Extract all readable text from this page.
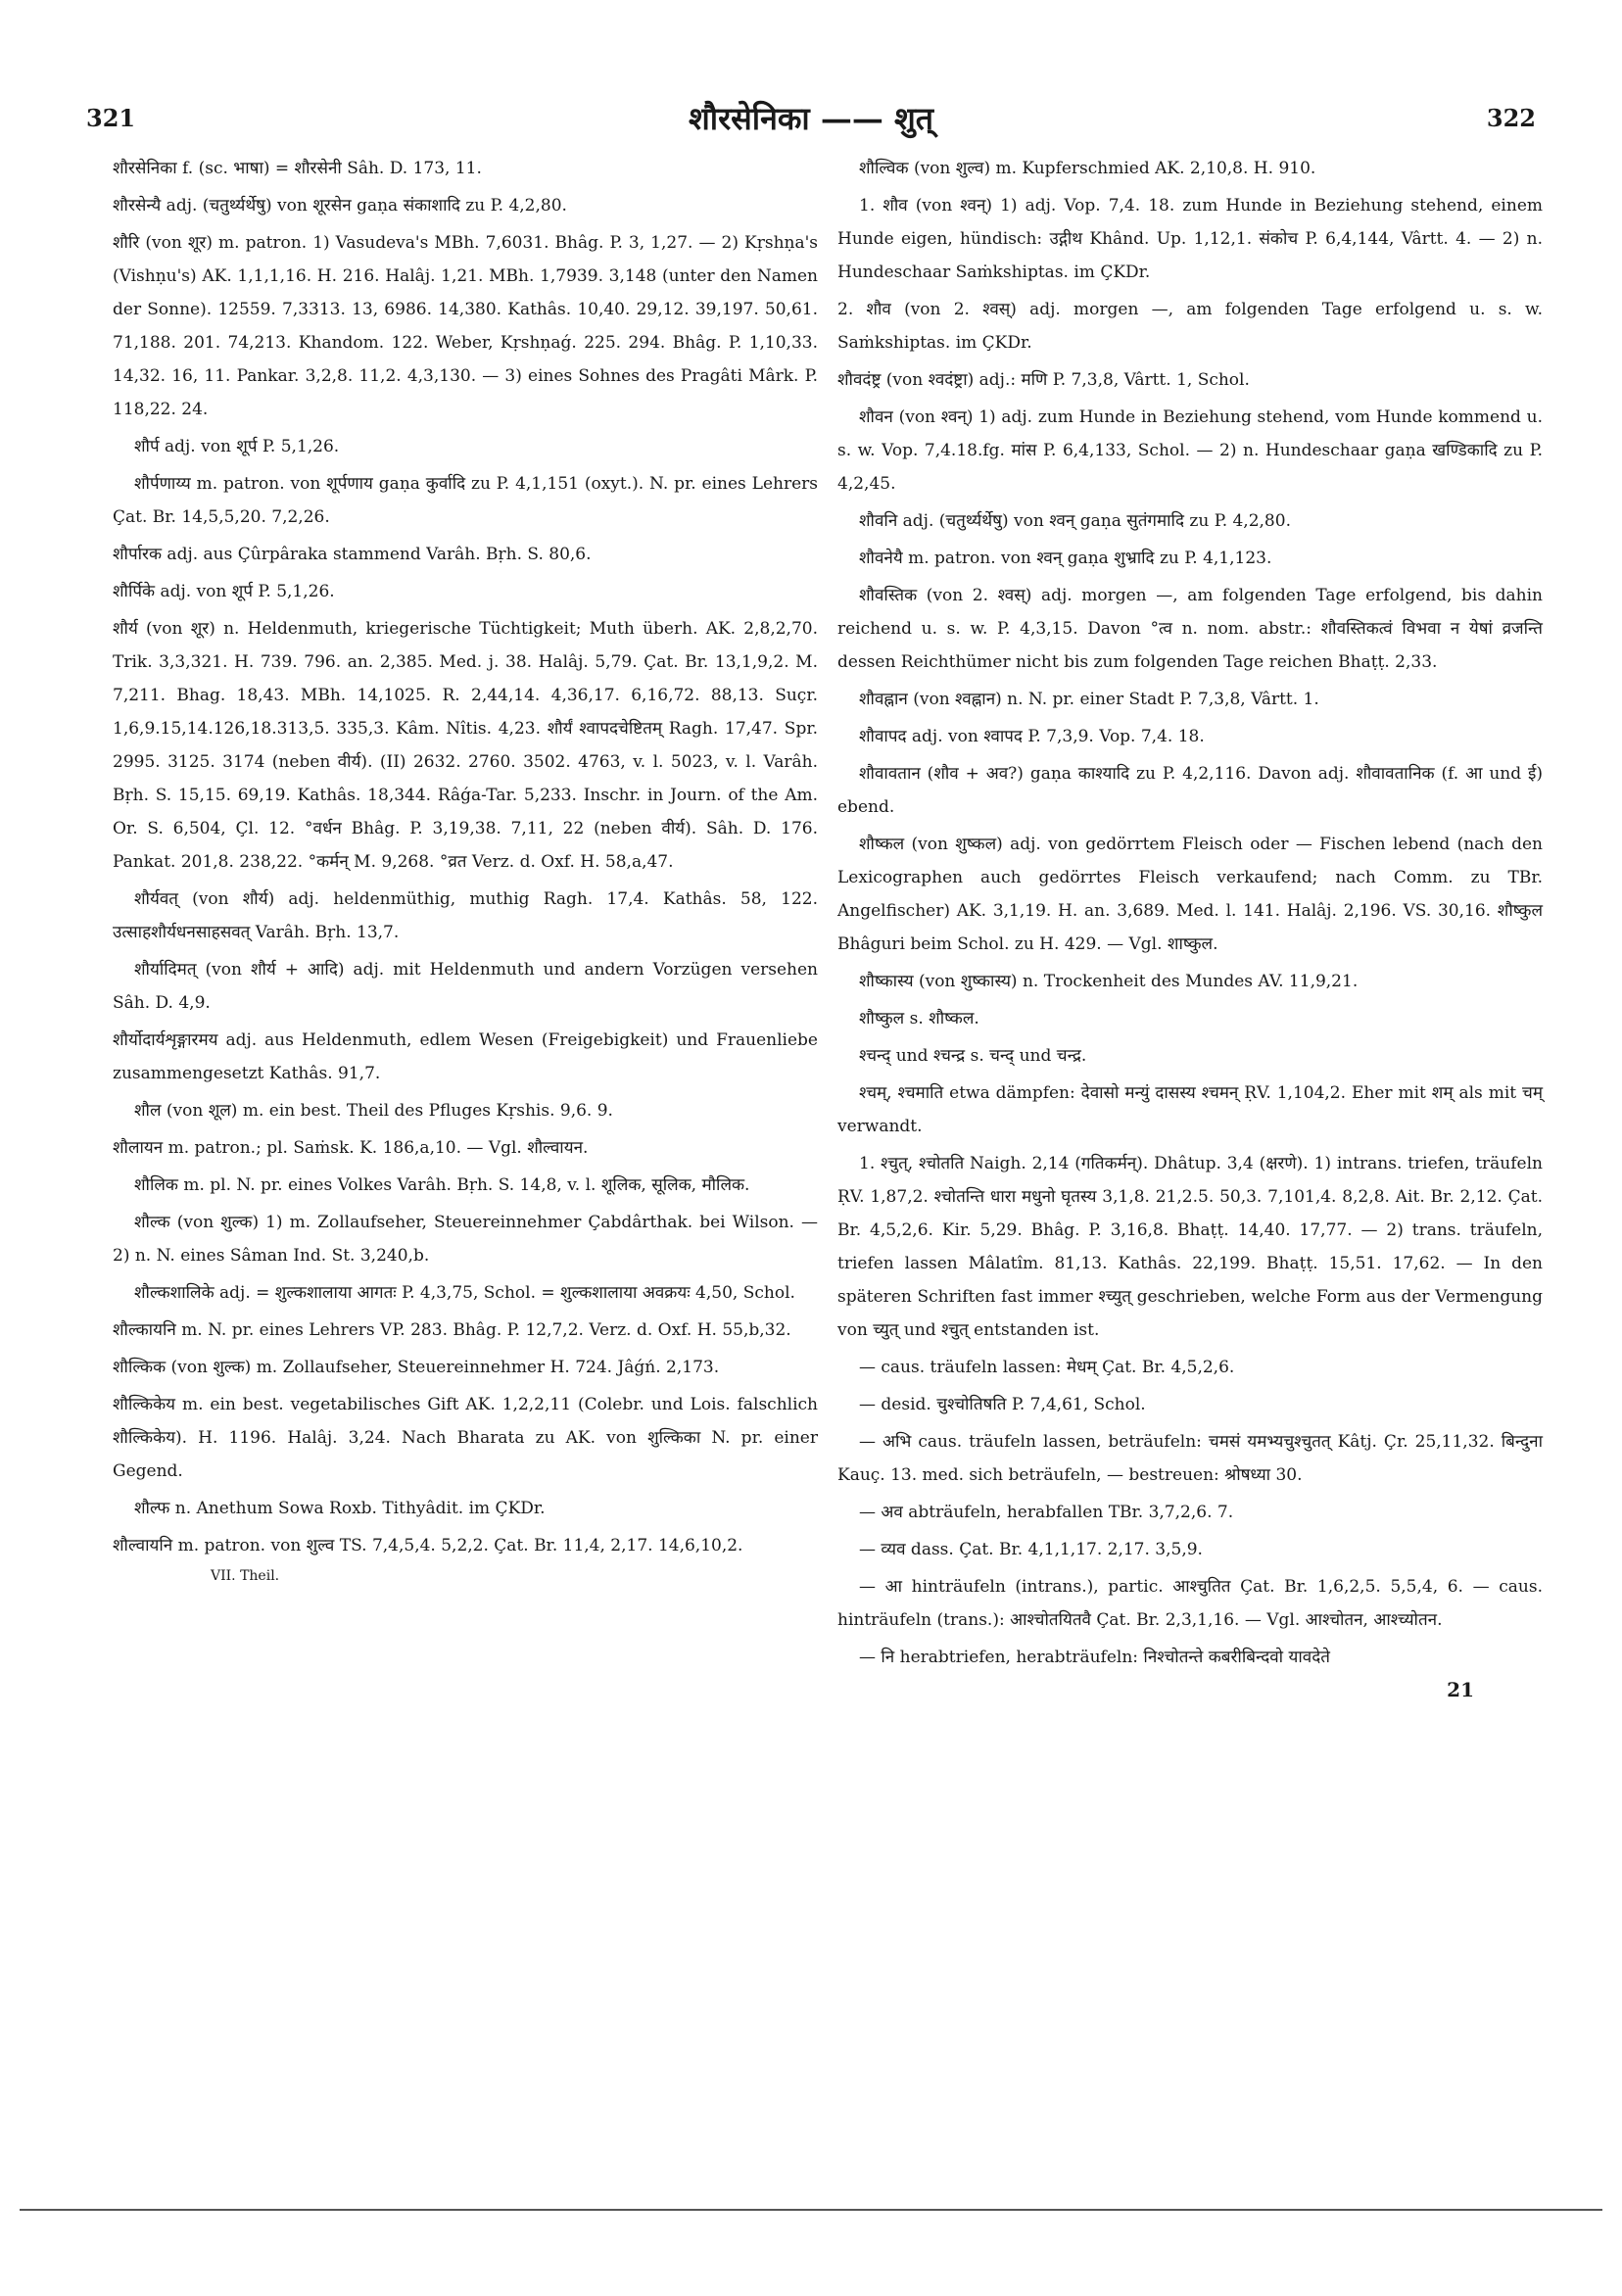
321	शौरसेनिका —— शुत्	322

शौरसेनिका f. (sc. भाषा) = शौरसेनी Sâh. D. 173, 11.

शौरसेन्यै adj. (चतुर्थ्यर्थेषु) von शूरसेन gaṇa संकाशादि zu P. 4,2,80.

शौरि (von शूर) m. patron. 1) Vasudeva's MBh. 7,6031. Bhâg. P. 3, 1,27. — 2) Kṛshṇa's (Vishṇu's) AK. 1,1,1,16. H. 216. Halâj. 1,21. MBh. 1,7939. 3,148 (unter den Namen der Sonne). 12559. 7,3313. 13, 6986. 14,380. Kathâs. 10,40. 29,12. 39,197. 50,61. 71,188. 201. 74,213. Khandom. 122. Weber, Kṛshṇaǵ. 225. 294. Bhâg. P. 1,10,33. 14,32. 16, 11. Pankar. 3,2,8. 11,2. 4,3,130. — 3) eines Sohnes des Pragâti Mârk. P. 118,22. 24.

शौर्प adj. von शूर्प P. 5,1,26.

शौर्पणाय्य m. patron. von शूर्पणाय gaṇa कुर्वादि zu P. 4,1,151 (oxyt.). N. pr. eines Lehrers Çat. Br. 14,5,5,20. 7,2,26.

शौर्पारक adj. aus Çûrpâraka stammend Varâh. Bṛh. S. 80,6.

शौर्पिके adj. von शूर्प P. 5,1,26.

शौर्य (von शूर) n. Heldenmuth, kriegerische Tüchtigkeit; Muth überh. AK. 2,8,2,70. Trik. 3,3,321. H. 739. 796. an. 2,385. Med. j. 38. Halâj. 5,79. Çat. Br. 13,1,9,2. M. 7,211. Bhag. 18,43. MBh. 14,1025. R. 2,44,14. 4,36,17. 6,16,72. 88,13. Suçr. 1,6,9.15,14.126,18.313,5. 335,3. Kâm. Nîtis. 4,23. शौर्यं श्वापदचेष्टितम् Ragh. 17,47. Spr. 2995. 3125. 3174 (neben वीर्य). (II) 2632. 2760. 3502. 4763, v. l. 5023, v. l. Varâh. Bṛh. S. 15,15. 69,19. Kathâs. 18,344. Râǵa-Tar. 5,233. Inschr. in Journ. of the Am. Or. S. 6,504, Çl. 12. °वर्धन Bhâg. P. 3,19,38. 7,11, 22 (neben वीर्य). Sâh. D. 176. Pankat. 201,8. 238,22. °कर्मन् M. 9,268. °व्रत Verz. d. Oxf. H. 58,a,47.

शौर्यवत् (von शौर्य) adj. heldenmüthig, muthig Ragh. 17,4. Kathâs. 58, 122. उत्साहशौर्यधनसाहसवत् Varâh. Bṛh. 13,7.

शौर्यादिमत् (von शौर्य + आदि) adj. mit Heldenmuth und andern Vorzügen versehen Sâh. D. 4,9.

शौर्योदार्यशृङ्गारमय adj. aus Heldenmuth, edlem Wesen (Freigebigkeit) und Frauenliebe zusammengesetzt Kathâs. 91,7.

शौल (von शूल) m. ein best. Theil des Pfluges Kṛshis. 9,6. 9.

शौलायन m. patron.; pl. Saṁsk. K. 186,a,10. — Vgl. शौल्वायन.

शौलिक m. pl. N. pr. eines Volkes Varâh. Bṛh. S. 14,8, v. l. शूलिक, सूलिक, मौलिक.

शौल्क (von शुल्क) 1) m. Zollaufseher, Steuereinnehmer Çabdârthak. bei Wilson. — 2) n. N. eines Sâman Ind. St. 3,240,b.

शौल्कशालिके adj. = शुल्कशालाया आगतः P. 4,3,75, Schol. = शुल्कशालाया अवक्रयः 4,50, Schol.

शौल्कायनि m. N. pr. eines Lehrers VP. 283. Bhâg. P. 12,7,2. Verz. d. Oxf. H. 55,b,32.

शौल्किक (von शुल्क) m. Zollaufseher, Steuereinnehmer H. 724. Jâǵń. 2,173.

शौल्किकेय m. ein best. vegetabilisches Gift AK. 1,2,2,11 (Colebr. und Lois. falschlich शौल्किकेय). H. 1196. Halâj. 3,24. Nach Bharata zu AK. von शुल्किका N. pr. einer Gegend.

शौल्फ n. Anethum Sowa Roxb. Tithyâdit. im ÇKDr.

शौल्वायनि m. patron. von शुल्व TS. 7,4,5,4. 5,2,2. Çat. Br. 11,4, 2,17. 14,6,10,2.

VII. Theil.

शौल्विक (von शुल्व) m. Kupferschmied AK. 2,10,8. H. 910.

1. शौव (von श्वन्) 1) adj. Vop. 7,4. 18. zum Hunde in Beziehung stehend, einem Hunde eigen, hündisch: उद्गीथ Khând. Up. 1,12,1. संकोच P. 6,4,144, Vârtt. 4. — 2) n. Hundeschaar Saṁkshiptas. im ÇKDr.

2. शौव (von 2. श्वस्) adj. morgen —, am folgenden Tage erfolgend u. s. w. Saṁkshiptas. im ÇKDr.

शौवदंष्ट्र (von श्वदंष्ट्रा) adj.: मणि P. 7,3,8, Vârtt. 1, Schol.

शौवन (von श्वन्) 1) adj. zum Hunde in Beziehung stehend, vom Hunde kommend u. s. w. Vop. 7,4.18.fg. मांस P. 6,4,133, Schol. — 2) n. Hundeschaar gaṇa खण्डिकादि zu P. 4,2,45.

शौवनि adj. (चतुर्थ्यर्थेषु) von श्वन् gaṇa सुतंगमादि zu P. 4,2,80.

शौवनेयै m. patron. von श्वन् gaṇa शुभ्रादि zu P. 4,1,123.

शौवस्तिक (von 2. श्वस्) adj. morgen —, am folgenden Tage erfolgend, bis dahin reichend u. s. w. P. 4,3,15. Davon °त्व n. nom. abstr.: शौवस्तिकत्वं विभवा न येषां व्रजन्ति dessen Reichthümer nicht bis zum folgenden Tage reichen Bhaṭṭ. 2,33.

शौवह्नान (von श्वह्नान) n. N. pr. einer Stadt P. 7,3,8, Vârtt. 1.

शौवापद adj. von श्वापद P. 7,3,9. Vop. 7,4. 18.

शौवावतान (शौव + अव?) gaṇa काश्यादि zu P. 4,2,116. Davon adj. शौवावतानिक (f. आ und ई) ebend.

शौष्कल (von शुष्कल) adj. von gedörrtem Fleisch oder — Fischen lebend (nach den Lexicographen auch gedörrtes Fleisch verkaufend; nach Comm. zu TBr. Angelfischer) AK. 3,1,19. H. an. 3,689. Med. l. 141. Halâj. 2,196. VS. 30,16. शौष्कुल Bhâguri beim Schol. zu H. 429. — Vgl. शाष्कुल.

शौष्कास्य (von शुष्कास्य) n. Trockenheit des Mundes AV. 11,9,21.

शौष्कुल s. शौष्कल.

श्चन्द् und श्चन्द्र s. चन्द् und चन्द्र.

श्चम्, श्चमाति etwa dämpfen: देवासो मन्युं दासस्य श्चमन् ṚV. 1,104,2. Eher mit शम् als mit चम् verwandt.

1. श्चुत्, श्चोतति Naigh. 2,14 (गतिकर्मन्). Dhâtup. 3,4 (क्षरणे). 1) intrans. triefen, träufeln ṚV. 1,87,2. श्चोतन्ति धारा मधुनो घृतस्य 3,1,8. 21,2.5. 50,3. 7,101,4. 8,2,8. Ait. Br. 2,12. Çat. Br. 4,5,2,6. Kir. 5,29. Bhâg. P. 3,16,8. Bhaṭṭ. 14,40. 17,77. — 2) trans. träufeln, triefen lassen Mâlatîm. 81,13. Kathâs. 22,199. Bhaṭṭ. 15,51. 17,62. — In den späteren Schriften fast immer श्च्युत् geschrieben, welche Form aus der Vermengung von च्युत् und श्चुत् entstanden ist.

— caus. träufeln lassen: मेधम् Çat. Br. 4,5,2,6.

— desid. चुश्चोतिषति P. 7,4,61, Schol.

— अभि caus. träufeln lassen, beträufeln: चमसं यमभ्यचुश्चुतत् Kâtj. Çr. 25,11,32. बिन्दुना Kauç. 13. med. sich beträufeln, — bestreuen: श्रोषध्या 30.

— अव abträufeln, herabfallen TBr. 3,7,2,6. 7.

— व्यव dass. Çat. Br. 4,1,1,17. 2,17. 3,5,9.

— आ hinträufeln (intrans.), partic. आश्चुतित Çat. Br. 1,6,2,5. 5,5,4, 6. — caus. hinträufeln (trans.): आश्चोतयितवै Çat. Br. 2,3,1,16. — Vgl. आश्चोतन, आश्च्योतन.

— नि herabtriefen, herabträufeln: निश्चोतन्ते कबरीबिन्दवो यावदेते

21
